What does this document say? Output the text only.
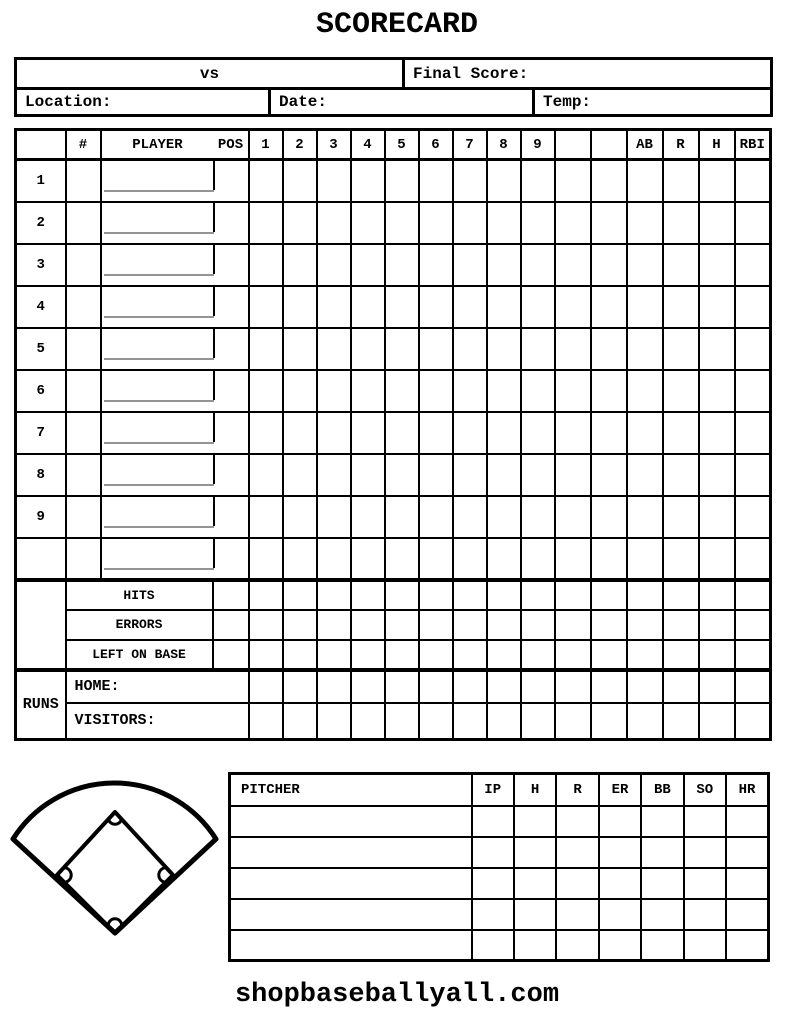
SCORECARD
vs		Final Score:	
Location:	Date:		Temp:
	#	PLAYER POS		1	2	3	4	5	6	7	8	9			AB	R	H	RBI
1			

2			

3			

4			

5			

6			

7			

8			

9			

	HITS																	
	ERRORS																	
	LEFT ON BASE																	
RUNS	HOME:																	
	VISITORS:																	
PITCHER	IP	H	R	ER	BB	SO	HR

shopbaseballyall.com
